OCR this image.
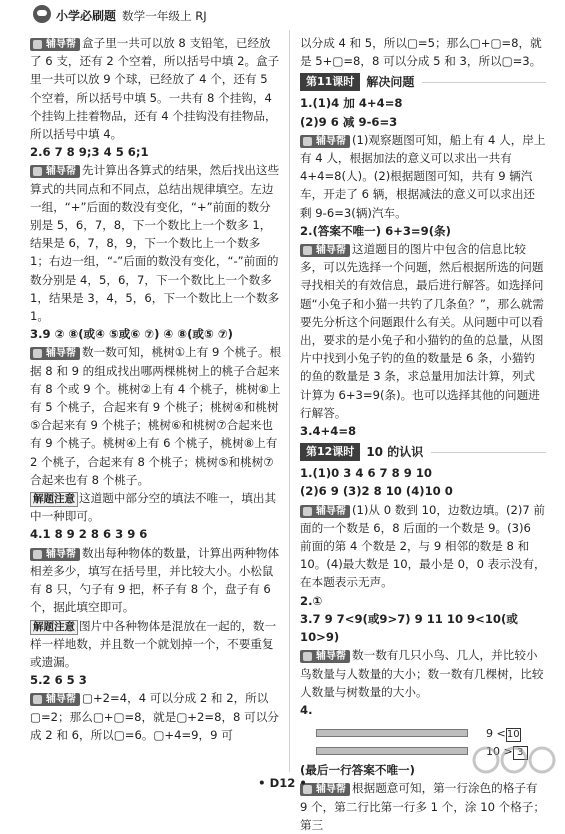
小学必刷题 数学一年级上 RJ

辅导帮 盒子里一共可以放 8 支铅笔，已经放了 6 支，还有 2 个空着，所以括号中填 2。盒子里一共可以放 9 个球，已经放了 4 个，还有 5 个空着，所以括号中填 5。一共有 8 个挂钩，4 个挂钩上挂着物品，还有 4 个挂钩没有挂物品，所以括号中填 4。

2.6 7 8 9;3 4 5 6;1

辅导帮 先计算出各算式的结果，然后找出这些算式的共同点和不同点，总结出规律填空。左边一组，“+”后面的数没有变化，“+”前面的数分别是 5，6，7，8，下一个数比上一个数多 1，结果是 6，7，8，9，下一个数比上一个数多 1；右边一组，“-”后面的数没有变化，“-”前面的数分别是 4，5，6，7，下一个数比上一个数多 1，结果是 3，4，5，6，下一个数比上一个数多 1。

3.9 ② ⑧(或④ ⑤或⑥ ⑦) ④ ⑧(或⑤ ⑦)

辅导帮 数一数可知，桃树①上有 9 个桃子。根据 8 和 9 的组成找出哪两棵桃树上的桃子合起来有 8 个或 9 个。桃树②上有 4 个桃子，桃树⑧上有 5 个桃子，合起来有 9 个桃子；桃树④和桃树⑤合起来有 9 个桃子；桃树⑥和桃树⑦合起来也有 9 个桃子。桃树④上有 6 个桃子，桃树⑧上有 2 个桃子，合起来有 8 个桃子；桃树⑤和桃树⑦合起来也有 8 个桃子。

解题注意 这道题中部分空的填法不唯一，填出其中一种即可。

4.1 8 9 2 8 6 3 9 6

辅导帮 数出每种物体的数量，计算出两种物体相差多少，填写在括号里，并比较大小。小松鼠有 8 只，勺子有 9 把，杯子有 8 个，盘子有 6 个，据此填空即可。

解题注意 图片中各种物体是混放在一起的，数一样一样地数，并且数一个就划掉一个，不要重复或遗漏。

5.2 6 5 3

辅导帮 ▢+2=4，4 可以分成 2 和 2，所以▢=2；那么▢+▢=8，就是▢+2=8，8 可以分成 2 和 6，所以▢=6。▢+4=9，9 可

以分成 4 和 5，所以▢=5；那么▢+▢=8，就是 5+▢=8，8 可以分成 5 和 3，所以▢=3。

第11课时	解决问题

1.(1)4 加 4+4=8

(2)9 6 减 9-6=3

辅导帮 (1)观察题图可知，船上有 4 人，岸上有 4 人，根据加法的意义可以求出一共有 4+4=8(人)。(2)根据题图可知，共有 9 辆汽车，开走了 6 辆，根据减法的意义可以求出还剩 9-6=3(辆)汽车。

2.(答案不唯一) 6+3=9(条)

辅导帮 这道题目的图片中包含的信息比较多，可以先选择一个问题，然后根据所选的问题寻找相关的有效信息，最后进行解答。如选择问题“小兔子和小猫一共钓了几条鱼？”，那么就需要先分析这个问题跟什么有关。从问题中可以看出，要求的是小兔子和小猫钓的鱼的总量，从图片中找到小兔子钓的鱼的数量是 6 条，小猫钓的鱼的数量是 3 条，求总量用加法计算，列式计算为 6+3=9(条)。也可以选择其他的问题进行解答。

3.4+4=8

第12课时	10 的认识

1.(1)0 3 4 6 7 8 9 10

(2)6 9 (3)2 8 10 (4)10 0

辅导帮 (1)从 0 数到 10，边数边填。(2)7 前面的一个数是 6，8 后面的一个数是 9。(3)6 前面的第 4 个数是 2，与 9 相邻的数是 8 和 10。(4)最大数是 10，最小是 0，0 表示没有，在本题表示无声。

2.①

3.7 9 7<9(或9>7) 9 11 10 9<10(或10>9)

辅导帮 数一数有几只小鸟、几人，并比较小鸟数量与人数量的大小；数一数有几棵树，比较人数量与树数量的大小。

4.

9 <10
10 > 3

(最后一行答案不唯一)

辅导帮 根据题意可知，第一行涂色的格子有 9 个，第二行比第一行多 1 个，涂 10 个格子；第三

• D12 •
